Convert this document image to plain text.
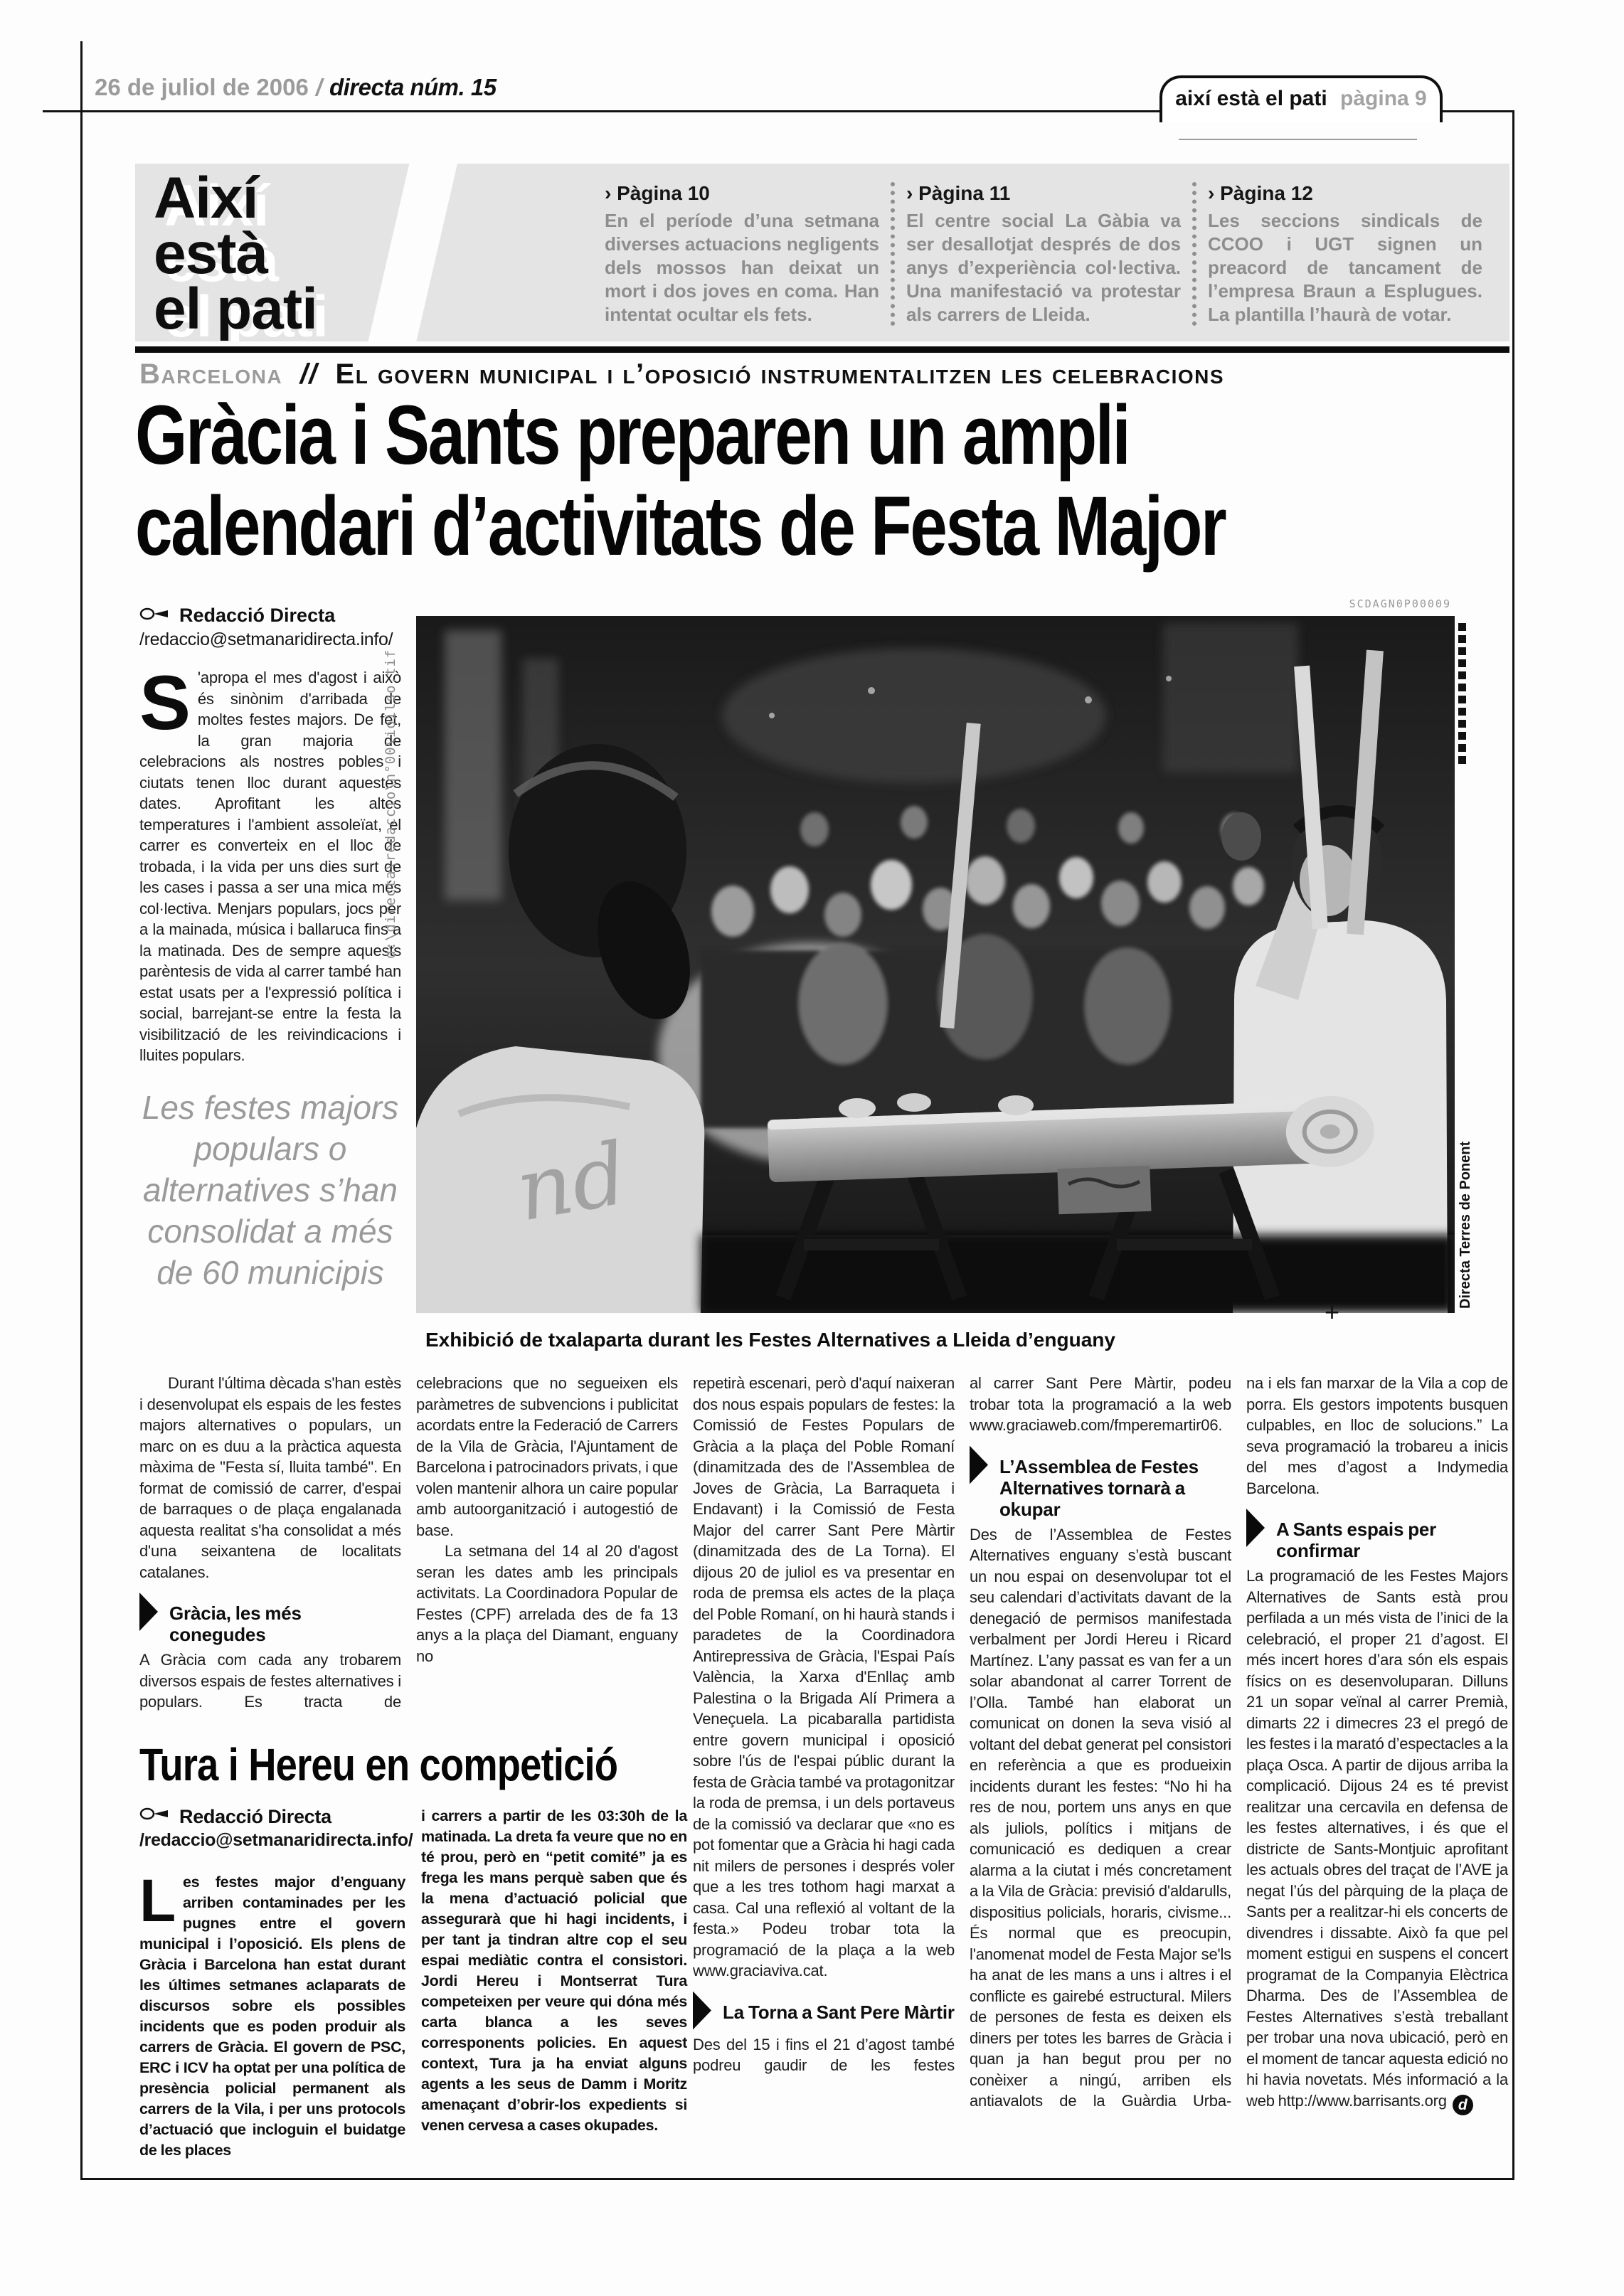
26 de juliol de 2006 / directa núm. 15	així està el pati pàgina 9
Així
està
el pati
› Pàgina 10
En el període d’una setmana diverses actuacions negligents dels mossos han deixat un mort i dos joves en coma. Han intentat ocultar els fets.
› Pàgina 11
El centre social La Gàbia va ser desallotjat després de dos anys d’experiència col·lectiva. Una manifestació va protestar als carrers de Lleida.
› Pàgina 12
Les seccions sindicals de CCOO i UGT signen un preacord de tancament de l’empresa Braun a Esplugues. La plantilla l’haurà de votar.
Barcelona // El govern municipal i l’oposició instrumentalitzen les celebracions
Gràcia i Sants preparen un ampli
calendari d’activitats de Festa Major
Redacció Directa
/redaccio@setmanaridirecta.info/

S 'apropa el mes d'agost i això és sinònim d'arribada de moltes festes majors. De fet, la gran majoria de celebracions als nostres pobles i ciutats tenen lloc durant aquestes dates. Aprofitant les altes temperatures i l'ambient assoleïat, el carrer es converteix en el lloc de trobada, i la vida per uns dies surt de les cases i passa a ser una mica més col·lectiva. Menjars populars, jocs per a la mainada, música i ballaruca fins a la matinada. Des de sempre aquests parèntesis de vida al carrer també han estat usats per a l'expressió política i social, barrejant-se entre la festa la visibilització de les reivindicacions i lluites populars.

Les festes majors populars o alternatives s’han consolidat a més de 60 municipis
nd
d:\directa\redaccio\n°00\ioilso.tif
SCDAGN0P00009
Directa Terres de Ponent
+
Exhibició de txalaparta durant les Festes Alternatives a Lleida d’enguany

Durant l'última dècada s'han estès i desenvolupat els espais de les festes majors alternatives o populars, un marc on es duu a la pràctica aquesta màxima de "Festa sí, lluita també". En format de comissió de carrer, d'espai de barraques o de plaça engalanada aquesta realitat s'ha consolidat a més d'una seixantena de localitats catalanes.

Gràcia, les més conegudes

A Gràcia com cada any trobarem diversos espais de festes alternatives i populars. Es tracta de

celebracions que no segueixen els paràmetres de subvencions i publicitat acordats entre la Federació de Carrers de la Vila de Gràcia, l'Ajuntament de Barcelona i patrocinadors privats, i que volen mantenir alhora un caire popular amb autoorganització i autogestió de base.

La setmana del 14 al 20 d'agost seran les dates amb les principals activitats. La Coordinadora Popular de Festes (CPF) arrelada des de fa 13 anys a la plaça del Diamant, enguany no

repetirà escenari, però d'aquí naixeran dos nous espais populars de festes: la Comissió de Festes Populars de Gràcia a la plaça del Poble Romaní (dinamitzada des de l'Assemblea de Joves de Gràcia, La Barraqueta i Endavant) i la Comissió de Festa Major del carrer Sant Pere Màrtir (dinamitzada des de La Torna). El dijous 20 de juliol es va presentar en roda de premsa els actes de la plaça del Poble Romaní, on hi haurà stands i paradetes de la Coordinadora Antirepressiva de Gràcia, l'Espai País València, la Xarxa d'Enllaç amb Palestina o la Brigada Alí Primera a Veneçuela. La picabaralla partidista entre govern municipal i oposició sobre l'ús de l'espai públic durant la festa de Gràcia també va protagonitzar la roda de premsa, i un dels portaveus de la comissió va declarar que «no es pot fomentar que a Gràcia hi hagi cada nit milers de persones i després voler que a les tres tothom hagi marxat a casa. Cal una reflexió al voltant de la festa.» Podeu trobar tota la programació de la plaça a la web www.graciaviva.cat.

La Torna a Sant Pere Màrtir

Des del 15 i fins el 21 d’agost també podreu gaudir de les festes

al carrer Sant Pere Màrtir, podeu trobar tota la programació a la web www.graciaweb.com/fmperemartir06.

L’Assemblea de Festes Alternatives tornarà a okupar

Des de l’Assemblea de Festes Alternatives enguany s’està buscant un nou espai on desenvolupar tot el seu calendari d’activitats davant de la denegació de permisos manifestada verbalment per Jordi Hereu i Ricard Martínez. L’any passat es van fer a un solar abandonat al carrer Torrent de l’Olla. També han elaborat un comunicat on donen la seva visió al voltant del debat generat pel consistori en referència a que es produeixin incidents durant les festes: “No hi ha res de nou, portem uns anys en que als juliols, polítics i mitjans de comunicació es dediquen a crear alarma a la ciutat i més concretament a la Vila de Gràcia: previsió d'aldarulls, dispositius policials, horaris, civisme... És normal que es preocupin, l'anomenat model de Festa Major se'ls ha anat de les mans a uns i altres i el conflicte es gairebé estructural. Milers de persones de festa es deixen els diners per totes les barres de Gràcia i quan ja han begut prou per no conèixer a ningú, arriben els antiavalots de la Guàrdia Urba-

na i els fan marxar de la Vila a cop de porra. Els gestors impotents busquen culpables, en lloc de solucions.” La seva programació la trobareu a inicis del mes d’agost a Indymedia Barcelona.

A Sants espais per confirmar

La programació de les Festes Majors Alternatives de Sants està prou perfilada a un més vista de l’inici de la celebració, el proper 21 d’agost. El més incert hores d’ara són els espais físics on es desenvoluparan. Dilluns 21 un sopar veïnal al carrer Premià, dimarts 22 i dimecres 23 el pregó de les festes i la marató d’espectacles a la plaça Osca. A partir de dijous arriba la complicació. Dijous 24 es té previst realitzar una cercavila en defensa de les festes alternatives, i és que el districte de Sants-Montjuic aprofitant les actuals obres del traçat de l’AVE ja negat l’ús del pàrquing de la plaça de Sants per a realitzar-hi els concerts de divendres i dissabte. Això fa que pel moment estigui en suspens el concert programat de la Companyia Elèctrica Dharma. Des de l’Assemblea de Festes Alternatives s’està treballant per trobar una nova ubicació, però en el moment de tancar aquesta edició no hi havia novetats. Més informació a la web http://www.barrisants.org d

Tura i Hereu en competició
Redacció Directa
/redaccio@setmanaridirecta.info/

Les festes major d’enguany arriben contaminades per les pugnes entre el govern municipal i l’oposició. Els plens de Gràcia i Barcelona han estat durant les últimes setmanes aclaparats de discursos sobre els possibles incidents que es poden produir als carrers de Gràcia. El govern de PSC, ERC i ICV ha optat per una política de presència policial permanent als carrers de la Vila, i per uns protocols d’actuació que incloguin el buidatge de les places

i carrers a partir de les 03:30h de la matinada. La dreta fa veure que no en té prou, però en “petit comité” ja es frega les mans perquè saben que és la mena d’actuació policial que assegurarà que hi hagi incidents, i per tant ja tindran altre cop el seu espai mediàtic contra el consistori. Jordi Hereu i Montserrat Tura competeixen per veure qui dóna més carta blanca a les seves corresponents policies. En aquest context, Tura ja ha enviat alguns agents a les seus de Damm i Moritz amenaçant d’obrir-los expedients si venen cervesa a cases okupades.
